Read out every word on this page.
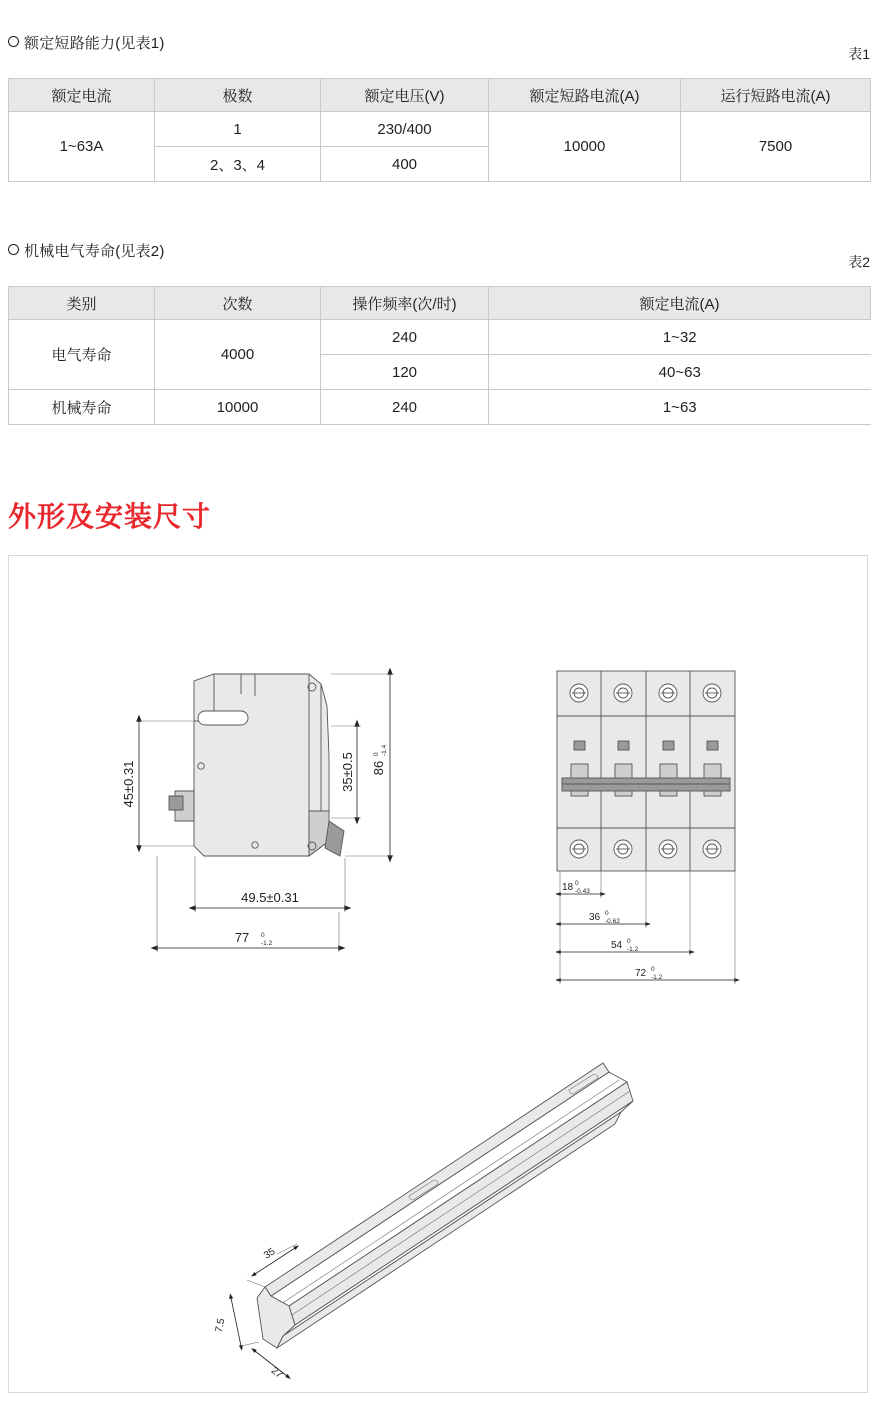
额定短路能力(见表1)
表1
额定电流	极数	额定电压(V)	额定短路电流(A)	运行短路电流(A)
1~63A	1	230/400	10000	7500
	2、3、4	400		
机械电气寿命(见表2)
表2
类别	次数	操作频率(次/时)	额定电流(A)
电气寿命	4000	240	1~32
		120	40~63
机械寿命	10000	240	1~63
外形及安装尺寸
45±0.31	35±0.5 86
0 -1.4
49.5±0.31
77 0
-1.2
18 0
-0.43
36 0
-0.62
54 0
-1.2
72 0
-1.2
35
7.5
27
